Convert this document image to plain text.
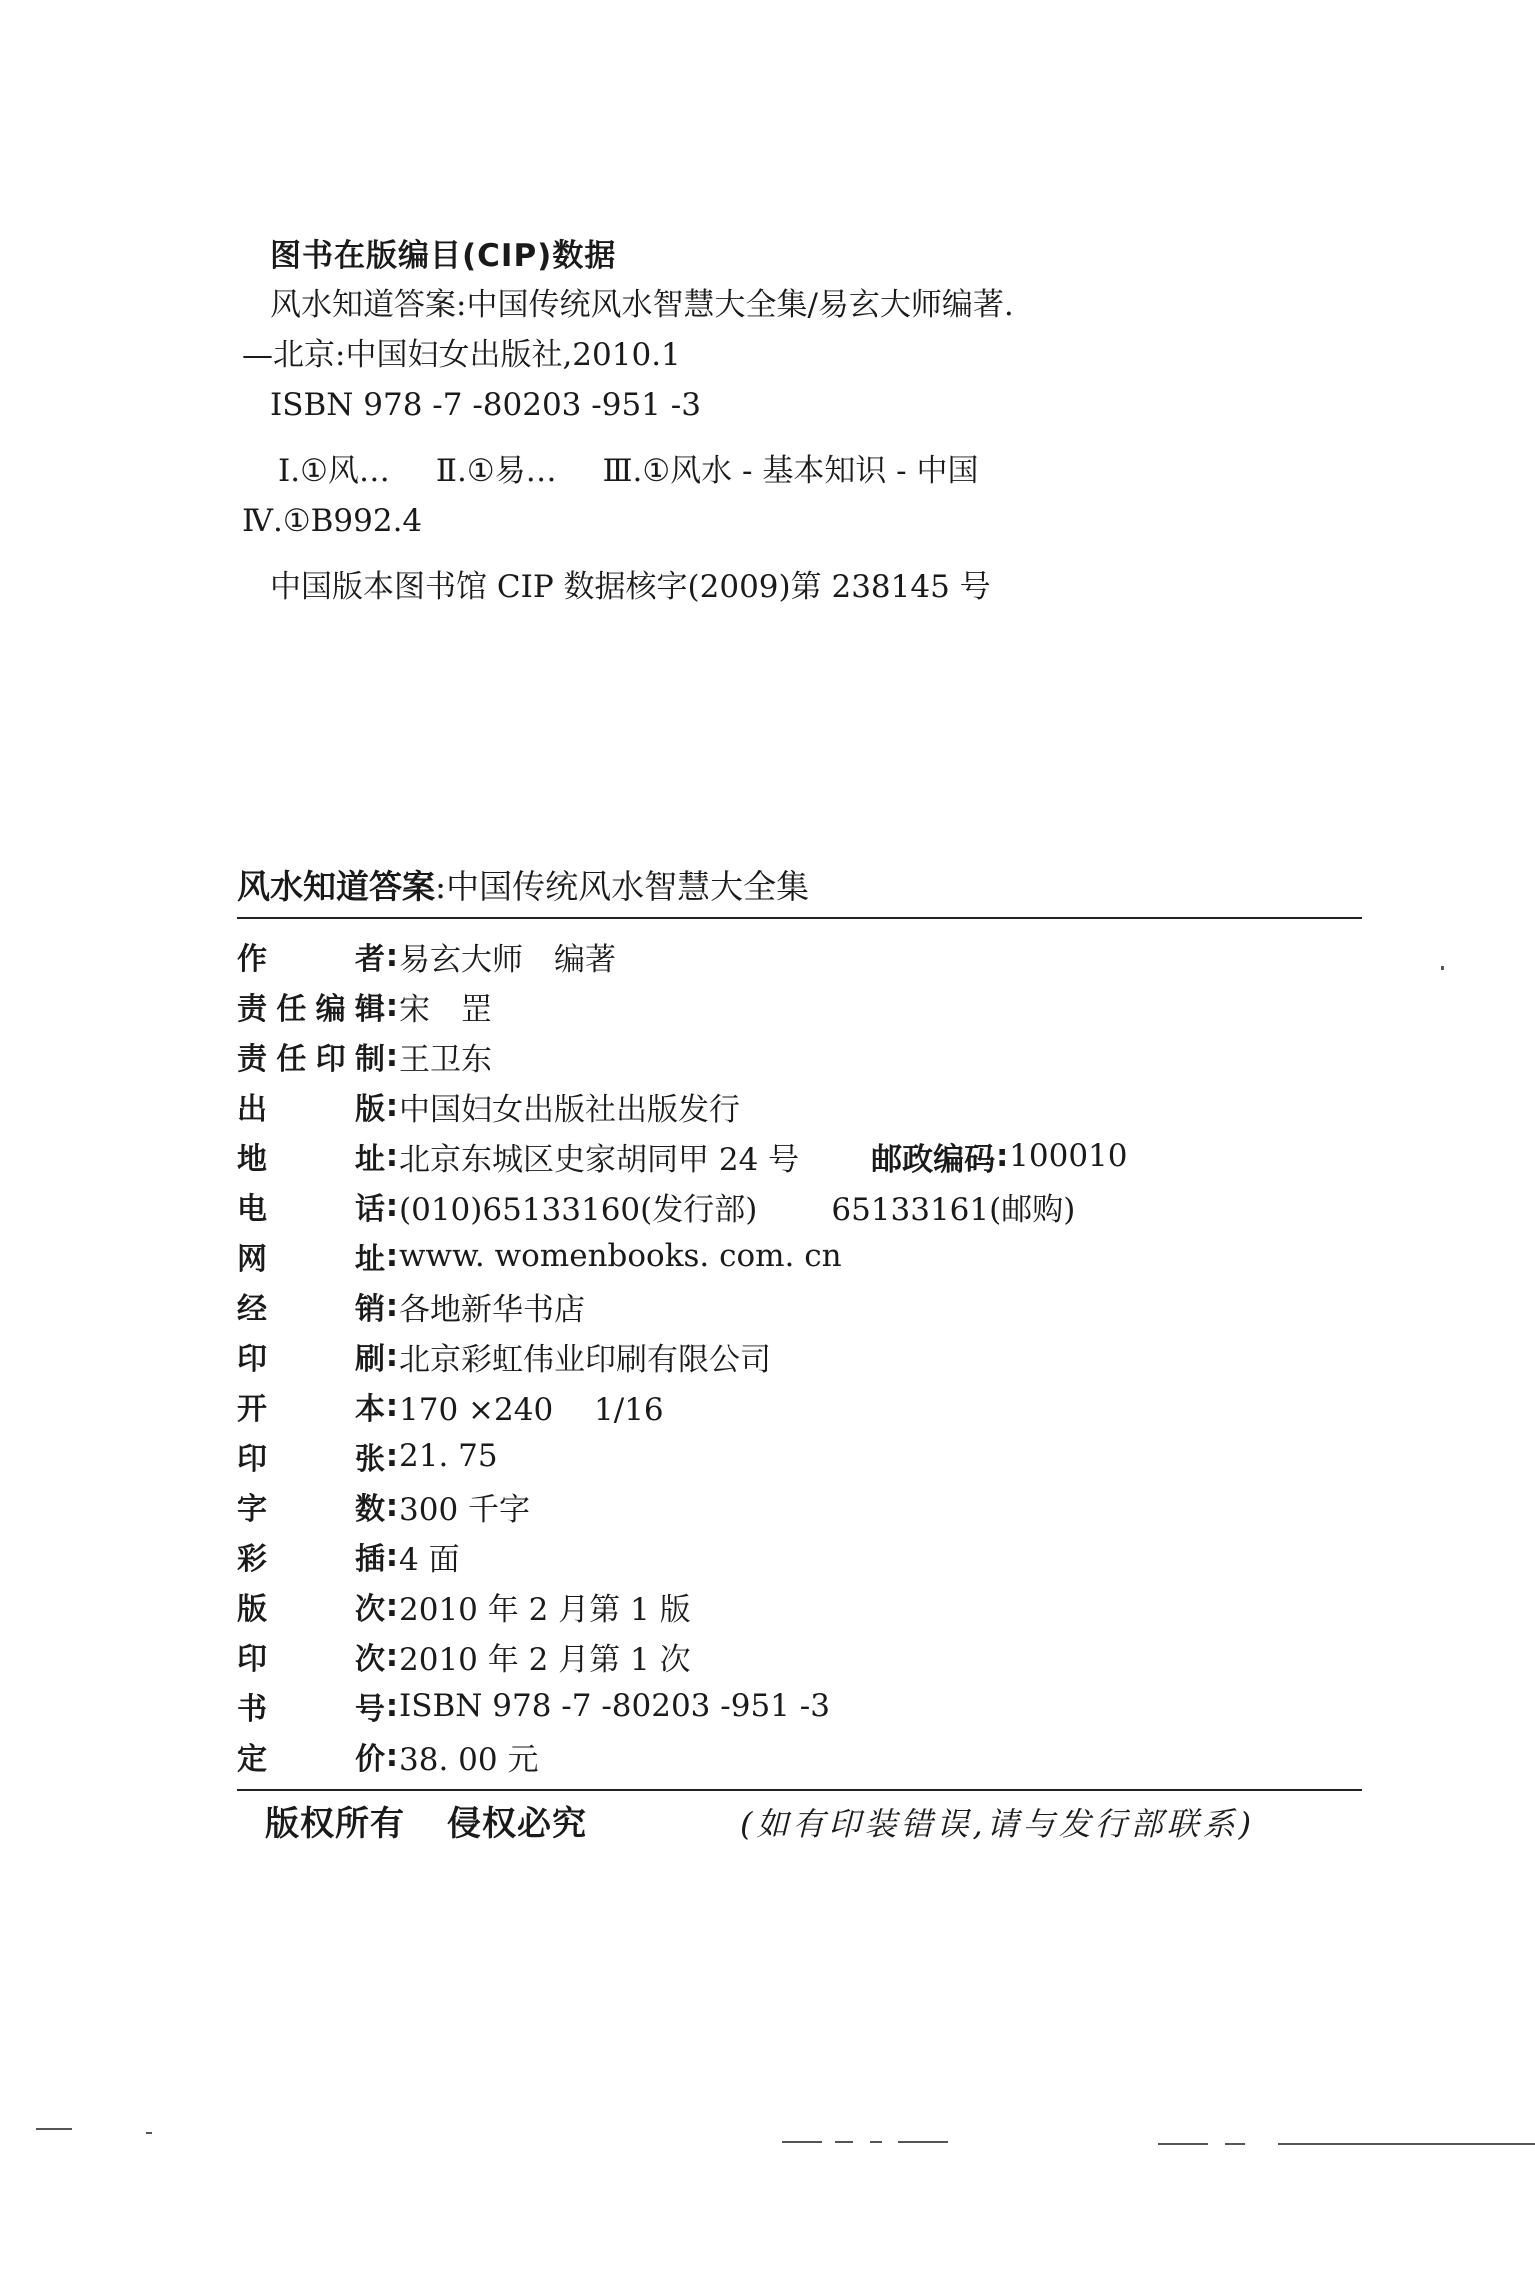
图书在版编目(CIP)数据
风水知道答案:中国传统风水智慧大全集/易玄大师编著.
—北京:中国妇女出版社,2010.1
ISBN 978 -7 -80203 -951 -3
Ⅰ.①风… Ⅱ.①易… Ⅲ.①风水 - 基本知识 - 中国
Ⅳ.①B992.4
中国版本图书馆 CIP 数据核字(2009)第 238145 号
风水知道答案:中国传统风水智慧大全集
作	者 : 易玄大师　编著
责 任 编 辑 : 宋　罡
责 任 印 制 : 王卫东
出	版 : 中国妇女出版社出版发行
地	址 : 北京东城区史家胡同甲 24 号 邮政编码 : 100010
电	话 : (010)65133160(发行部) 65133161(邮购)
网	址 : www. womenbooks. com. cn
经	销 : 各地新华书店
印	刷 : 北京彩虹伟业印刷有限公司
开	本 : 170 ×240　 1/16
印	张 : 21. 75
字	数 : 300 千字
彩	插 : 4 面
版	次 : 2010 年 2 月第 1 版
印	次 : 2010 年 2 月第 1 次
书	号 : ISBN 978 -7 -80203 -951 -3
定	价 : 38. 00 元
版权所有 侵权必究	(如有印装错误,请与发行部联系)
